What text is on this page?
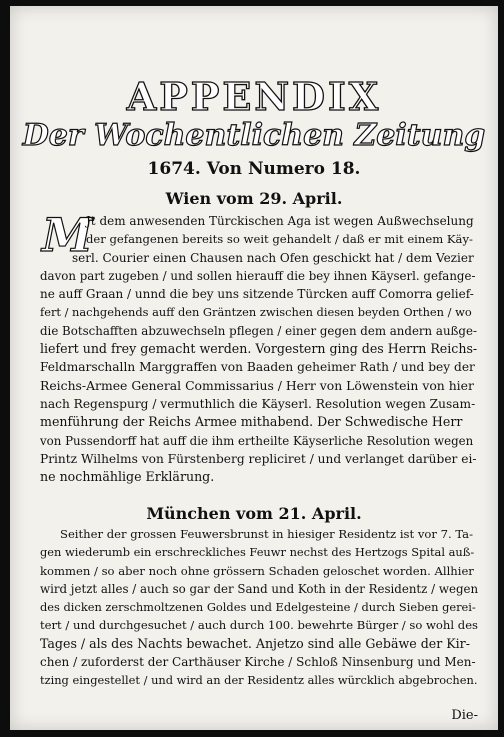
APPENDIX
Der Wochentlichen Zeitung
1674. Von Numero 18.
Wien vom 29. April.
M
Jt dem anwesenden Türckischen Aga ist wegen Außwechselung
der gefangenen bereits so weit gehandelt / daß er mit einem Käy-
serl. Courier einen Chausen nach Ofen geschickt hat / dem Vezier
davon part zugeben / und sollen hierauff die bey ihnen Käyserl. gefange-
ne auff Graan / unnd die bey uns sitzende Türcken auff Comorra gelief-
fert / nachgehends auff den Gräntzen zwischen diesen beyden Orthen / wo
die Botschafften abzuwechseln pflegen / einer gegen dem andern außge-
liefert und frey gemacht werden. Vorgestern ging des Herrn Reichs-
Feldmarschalln Marggraffen von Baaden geheimer Rath / und bey der
Reichs-Armee General Commissarius / Herr von Löwenstein von hier
nach Regenspurg / vermuthlich die Käyserl. Resolution wegen Zusam-
menführung der Reichs Armee mithabend. Der Schwedische Herr
von Pussendorff hat auff die ihm ertheilte Käyserliche Resolution wegen
Printz Wilhelms von Fürstenberg repliciret / und verlanget darüber ei-
ne nochmählige Erklärung.
München vom 21. April.
Seither der grossen Feuwersbrunst in hiesiger Residentz ist vor 7. Ta-
gen wiederumb ein erschreckliches Feuwr nechst des Hertzogs Spital auß-
kommen / so aber noch ohne grössern Schaden geloschet worden. Allhier
wird jetzt alles / auch so gar der Sand und Koth in der Residentz / wegen
des dicken zerschmoltzenen Goldes und Edelgesteine / durch Sieben gerei-
tert / und durchgesuchet / auch durch 100. bewehrte Bürger / so wohl des
Tages / als des Nachts bewachet. Anjetzo sind alle Gebäwe der Kir-
chen / zuforderst der Carthäuser Kirche / Schloß Ninsenburg und Men-
tzing eingestellet / und wird an der Residentz alles würcklich abgebrochen.
Die-
